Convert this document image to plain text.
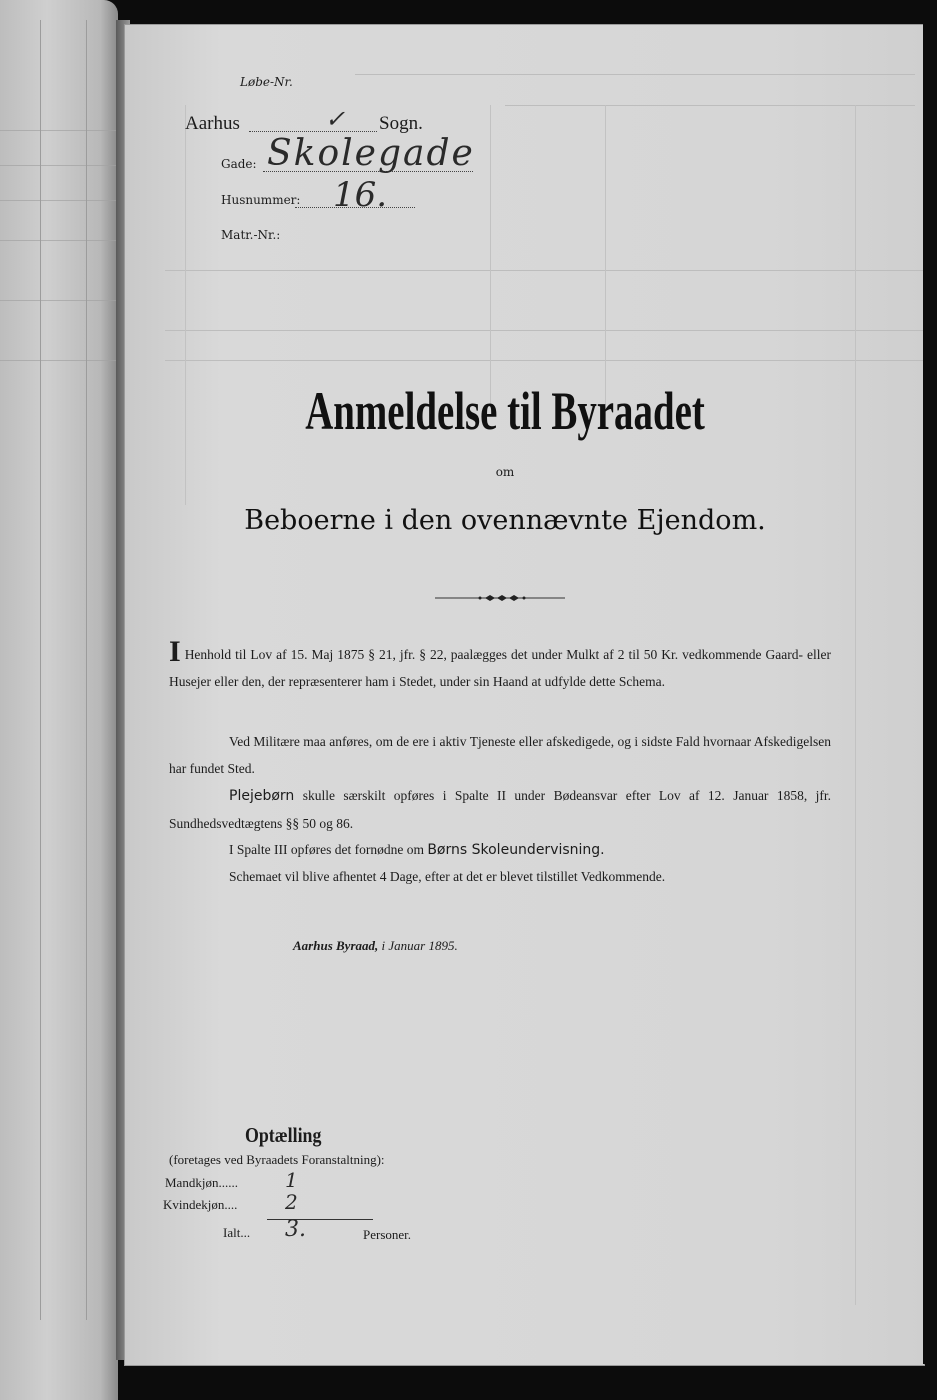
Løbe-Nr.
Aarhus	✓ Sogn.
Gade: Skolegade
Husnummer: 16.
Matr.-Nr.:
Anmeldelse til Byraadet
om
Beboerne i den ovennævnte Ejendom.
I Henhold til Lov af 15. Maj 1875 § 21, jfr. § 22, paalægges det under Mulkt af 2 til 50 Kr. vedkommende Gaard- eller Husejer eller den, der repræsenterer ham i Stedet, under sin Haand at udfylde dette Schema.
Ved Militære maa anføres, om de ere i aktiv Tjeneste eller afskedigede, og i sidste Fald hvornaar Afskedigelsen har fundet Sted.
Plejebørn skulle særskilt opføres i Spalte II under Bødeansvar efter Lov af 12. Januar 1858, jfr. Sundhedsvedtægtens §§ 50 og 86.
I Spalte III opføres det fornødne om Børns Skoleundervisning.
Schemaet vil blive afhentet 4 Dage, efter at det er blevet tilstillet Vedkommende.
Aarhus Byraad, i Januar 1895.
Optælling
(foretages ved Byraadets Foranstaltning):
Mandkjøn...... 1
Kvindekjøn.... 2
Ialt... 3.	Personer.
